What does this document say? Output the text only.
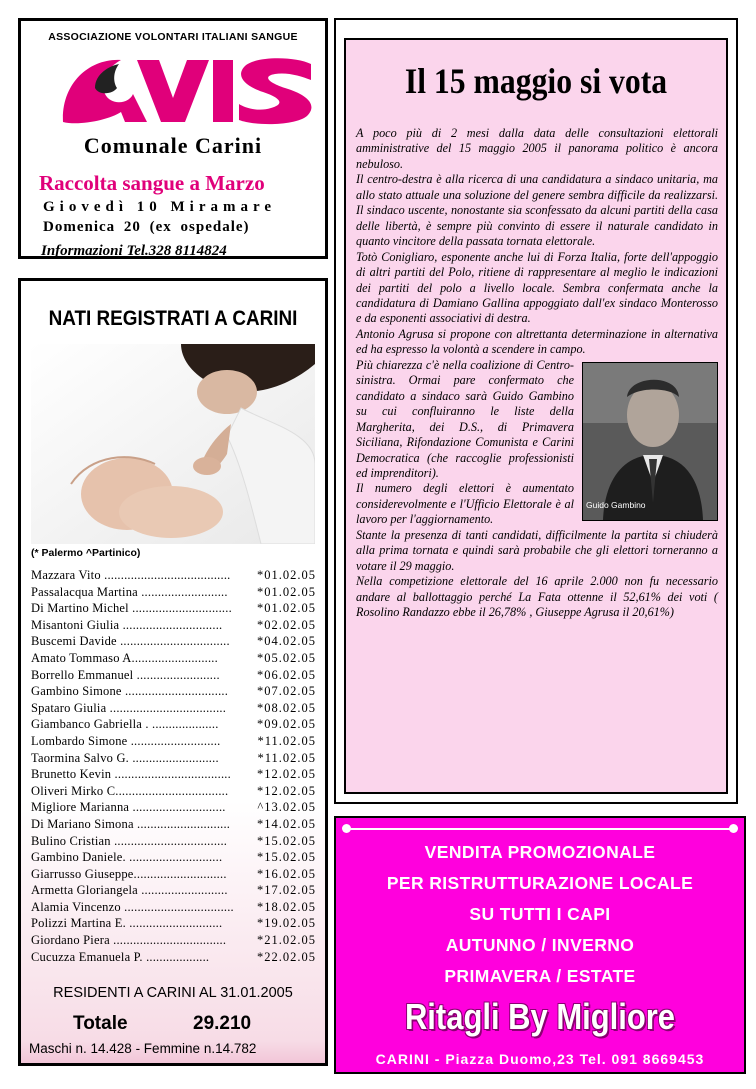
ASSOCIAZIONE VOLONTARI ITALIANI SANGUE
Comunale Carini
Raccolta sangue a Marzo
Giovedì 10 Miramare
Domenica 20 (ex ospedale)
Informazioni Tel.328 8114824
NATI REGISTRATI A CARINI
(* Palermo ^Partinico)
Mazzara Vito ......................................	*01.02.05
Passalacqua Martina ..........................	*01.02.05
Di Martino Michel ..............................	*01.02.05
Misantoni Giulia ..............................	*02.02.05
Buscemi Davide .................................	*04.02.05
Amato Tommaso A..........................	*05.02.05
Borrello Emmanuel .........................	*06.02.05
Gambino Simone ...............................	*07.02.05
Spataro Giulia ...................................	*08.02.05
Giambanco Gabriella . ....................	*09.02.05
Lombardo Simone ...........................	*11.02.05
Taormina Salvo G. ..........................	*11.02.05
Brunetto Kevin ...................................	*12.02.05
Oliveri Mirko C..................................	*12.02.05
Migliore Marianna ............................	^13.02.05
Di Mariano Simona ............................	*14.02.05
Bulino Cristian ..................................	*15.02.05
Gambino Daniele. ............................	*15.02.05
Giarrusso Giuseppe............................	*16.02.05
Armetta Gloriangela ..........................	*17.02.05
Alamia Vincenzo .................................	*18.02.05
Polizzi Martina E. ............................	*19.02.05
Giordano Piera ..................................	*21.02.05
Cucuzza Emanuela P. ...................	*22.02.05
RESIDENTI A CARINI AL 31.01.2005
Totale	29.210
Maschi n. 14.428 - Femmine n.14.782
Il 15 maggio si vota

A poco più di 2 mesi dalla data delle consultazioni elettorali amministrative del 15 maggio 2005 il panorama politico è ancora nebuloso.

Il centro-destra è alla ricerca di una candidatura a sindaco unitaria, ma allo stato attuale una soluzione del genere sembra difficile da realizzarsi. Il sindaco uscente, nonostante sia sconfessato da alcuni partiti della casa delle libertà, è sempre più convinto di essere il naturale candidato in quanto vincitore della passata tornata elettorale.

Totò Conigliaro, esponente anche lui di Forza Italia, forte dell'appoggio di altri partiti del Polo, ritiene di rappresentare al meglio le indicazioni dei partiti del polo a livello locale. Sembra confermata anche la candidatura di Damiano Gallina appoggiato dall'ex sindaco Monterosso e da esponenti associativi di destra.

Antonio Agrusa si propone con altrettanta determinazione in alternativa ed ha espresso la volontà a scendere in campo.

Guido Gambino

Più chiarezza c'è nella coalizione di Centro-sinistra. Ormai pare confermato che candidato a sindaco sarà Guido Gambino su cui confluiranno le liste della Margherita, dei D.S., di Primavera Siciliana, Rifondazione Comunista e Carini Democratica (che raccoglie professionisti ed imprenditori).

Il numero degli elettori è aumentato considerevolmente e l'Ufficio Elettorale è al lavoro per l'aggiornamento.

Stante la presenza di tanti candidati, difficilmente la partita si chiuderà alla prima tornata e quindi sarà probabile che gli elettori torneranno a votare il 29 maggio.

Nella competizione elettorale del 16 aprile 2.000 non fu necessario andare al ballottaggio perché La Fata ottenne il 52,61% dei voti ( Rosolino Randazzo ebbe il 26,78% , Giuseppe Agrusa il 20,61%)

VENDITA PROMOZIONALE
PER RISTRUTTURAZIONE LOCALE
SU TUTTI I CAPI
AUTUNNO / INVERNO
PRIMAVERA / ESTATE
Ritagli By Migliore
CARINI - Piazza Duomo,23 Tel. 091 8669453
